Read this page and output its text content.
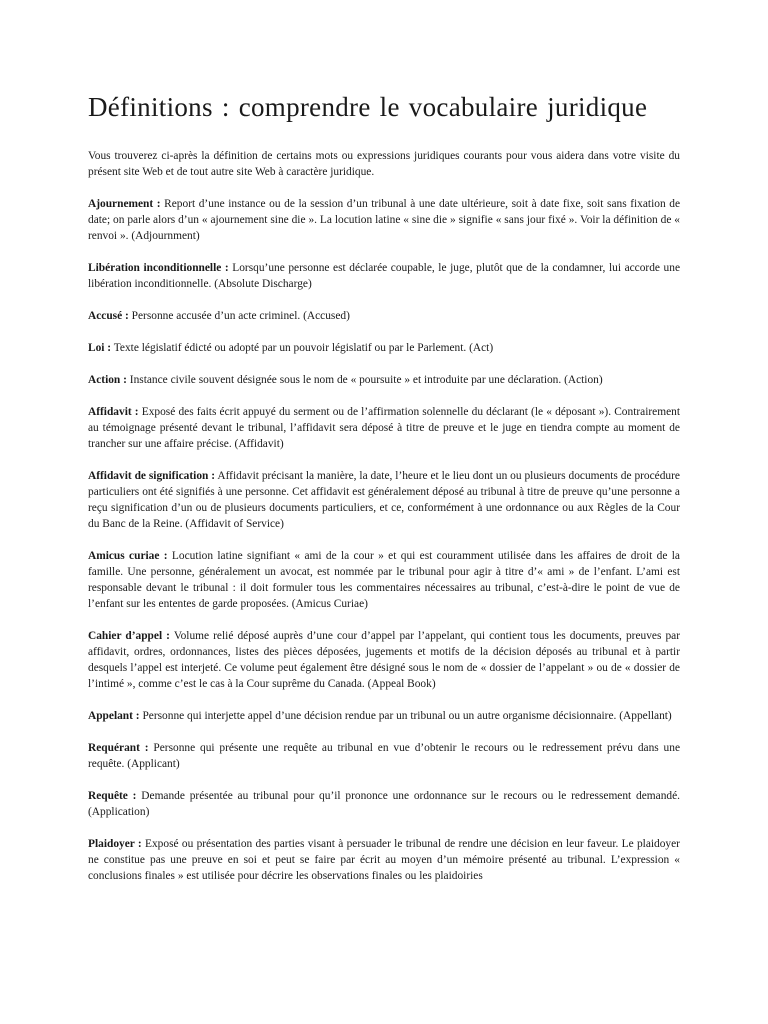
Définitions : comprendre le vocabulaire juridique

Vous trouverez ci-après la définition de certains mots ou expressions juridiques courants pour vous aidera dans votre visite du présent site Web et de tout autre site Web à caractère juridique.

Ajournement : Report d’une instance ou de la session d’un tribunal à une date ultérieure, soit à date fixe, soit sans fixation de date; on parle alors d’un « ajournement sine die ». La locution latine « sine die » signifie « sans jour fixé ». Voir la définition de « renvoi ». (Adjournment)

Libération inconditionnelle : Lorsqu’une personne est déclarée coupable, le juge, plutôt que de la condamner, lui accorde une libération inconditionnelle. (Absolute Discharge)

Accusé : Personne accusée d’un acte criminel. (Accused)

Loi : Texte législatif édicté ou adopté par un pouvoir législatif ou par le Parlement. (Act)

Action : Instance civile souvent désignée sous le nom de « poursuite » et introduite par une déclaration. (Action)

Affidavit : Exposé des faits écrit appuyé du serment ou de l’affirmation solennelle du déclarant (le « déposant »). Contrairement au témoignage présenté devant le tribunal, l’affidavit sera déposé à titre de preuve et le juge en tiendra compte au moment de trancher sur une affaire précise. (Affidavit)

Affidavit de signification : Affidavit précisant la manière, la date, l’heure et le lieu dont un ou plusieurs documents de procédure particuliers ont été signifiés à une personne. Cet affidavit est généralement déposé au tribunal à titre de preuve qu’une personne a reçu signification d’un ou de plusieurs documents particuliers, et ce, conformément à une ordonnance ou aux Règles de la Cour du Banc de la Reine. (Affidavit of Service)

Amicus curiae : Locution latine signifiant « ami de la cour » et qui est couramment utilisée dans les affaires de droit de la famille. Une personne, généralement un avocat, est nommée par le tribunal pour agir à titre d’« ami » de l’enfant. L’ami est responsable devant le tribunal : il doit formuler tous les commentaires nécessaires au tribunal, c’est-à-dire le point de vue de l’enfant sur les ententes de garde proposées. (Amicus Curiae)

Cahier d’appel : Volume relié déposé auprès d’une cour d’appel par l’appelant, qui contient tous les documents, preuves par affidavit, ordres, ordonnances, listes des pièces déposées, jugements et motifs de la décision déposés au tribunal et à partir desquels l’appel est interjeté. Ce volume peut également être désigné sous le nom de « dossier de l’appelant » ou de « dossier de l’intimé », comme c’est le cas à la Cour suprême du Canada. (Appeal Book)

Appelant : Personne qui interjette appel d’une décision rendue par un tribunal ou un autre organisme décisionnaire. (Appellant)

Requérant : Personne qui présente une requête au tribunal en vue d’obtenir le recours ou le redressement prévu dans une requête. (Applicant)

Requête : Demande présentée au tribunal pour qu’il prononce une ordonnance sur le recours ou le redressement demandé. (Application)

Plaidoyer : Exposé ou présentation des parties visant à persuader le tribunal de rendre une décision en leur faveur. Le plaidoyer ne constitue pas une preuve en soi et peut se faire par écrit au moyen d’un mémoire présenté au tribunal. L’expression « conclusions finales » est utilisée pour décrire les observations finales ou les plaidoiries
